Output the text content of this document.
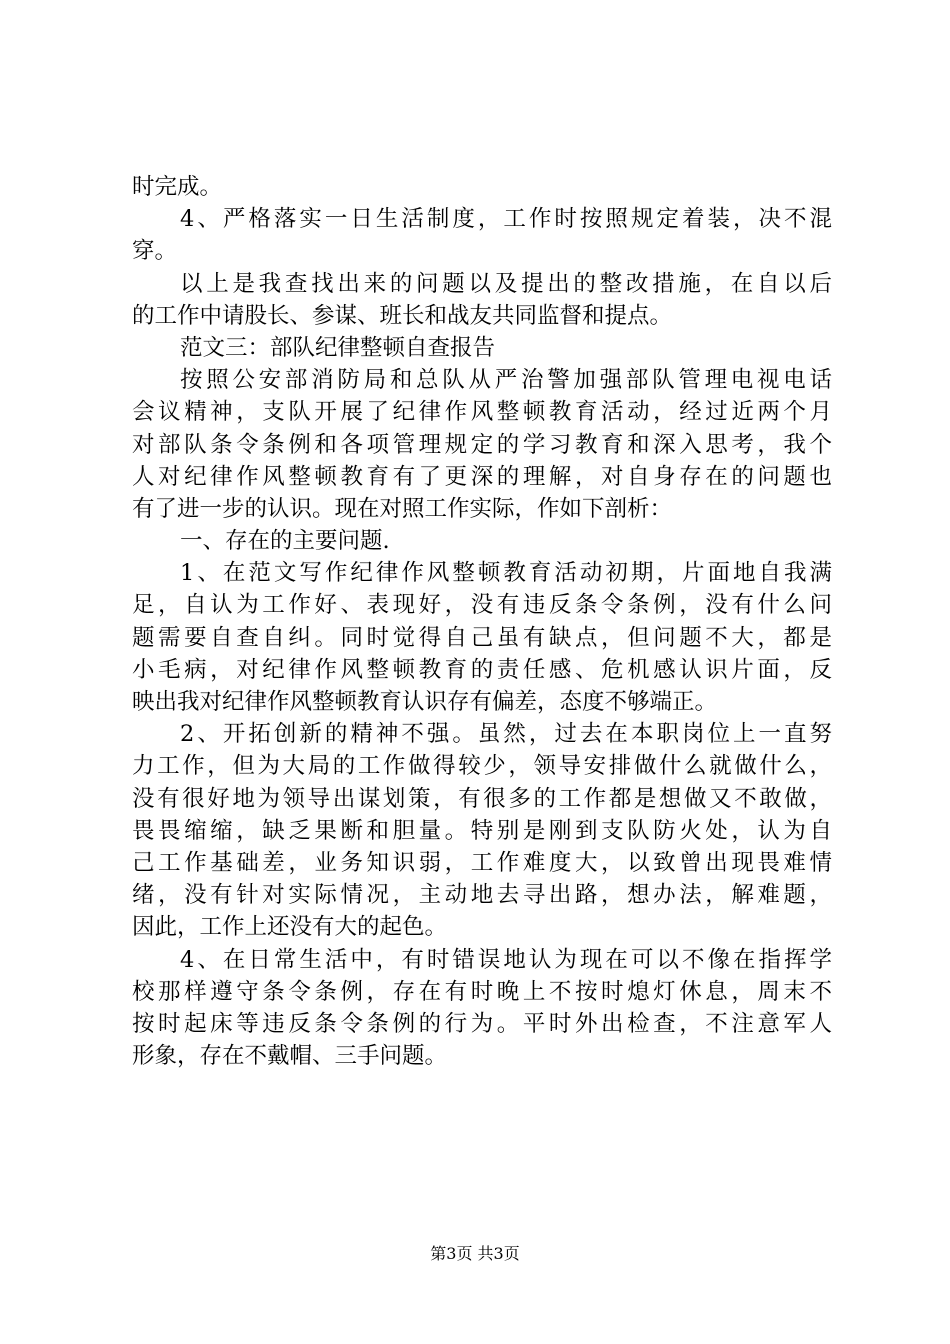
时完成。
4、严格落实一日生活制度，工作时按照规定着装，决不混
穿。
以上是我查找出来的问题以及提出的整改措施，在自以后
的工作中请股长、参谋、班长和战友共同监督和提点。
范文三：部队纪律整顿自查报告
按照公安部消防局和总队从严治警加强部队管理电视电话
会议精神，支队开展了纪律作风整顿教育活动，经过近两个月
对部队条令条例和各项管理规定的学习教育和深入思考，我个
人对纪律作风整顿教育有了更深的理解，对自身存在的问题也
有了进一步的认识。现在对照工作实际，作如下剖析：
一、存在的主要问题.
1、在范文写作纪律作风整顿教育活动初期，片面地自我满
足，自认为工作好、表现好，没有违反条令条例，没有什么问
题需要自查自纠。同时觉得自己虽有缺点，但问题不大，都是
小毛病，对纪律作风整顿教育的责任感、危机感认识片面，反
映出我对纪律作风整顿教育认识存有偏差，态度不够端正。
2、开拓创新的精神不强。虽然，过去在本职岗位上一直努
力工作，但为大局的工作做得较少，领导安排做什么就做什么，
没有很好地为领导出谋划策，有很多的工作都是想做又不敢做，
畏畏缩缩，缺乏果断和胆量。特别是刚到支队防火处，认为自
己工作基础差，业务知识弱，工作难度大，以致曾出现畏难情
绪，没有针对实际情况，主动地去寻出路，想办法，解难题，
因此，工作上还没有大的起色。
4、在日常生活中，有时错误地认为现在可以不像在指挥学
校那样遵守条令条例，存在有时晚上不按时熄灯休息，周末不
按时起床等违反条令条例的行为。平时外出检查，不注意军人
形象，存在不戴帽、三手问题。
第3页 共3页
